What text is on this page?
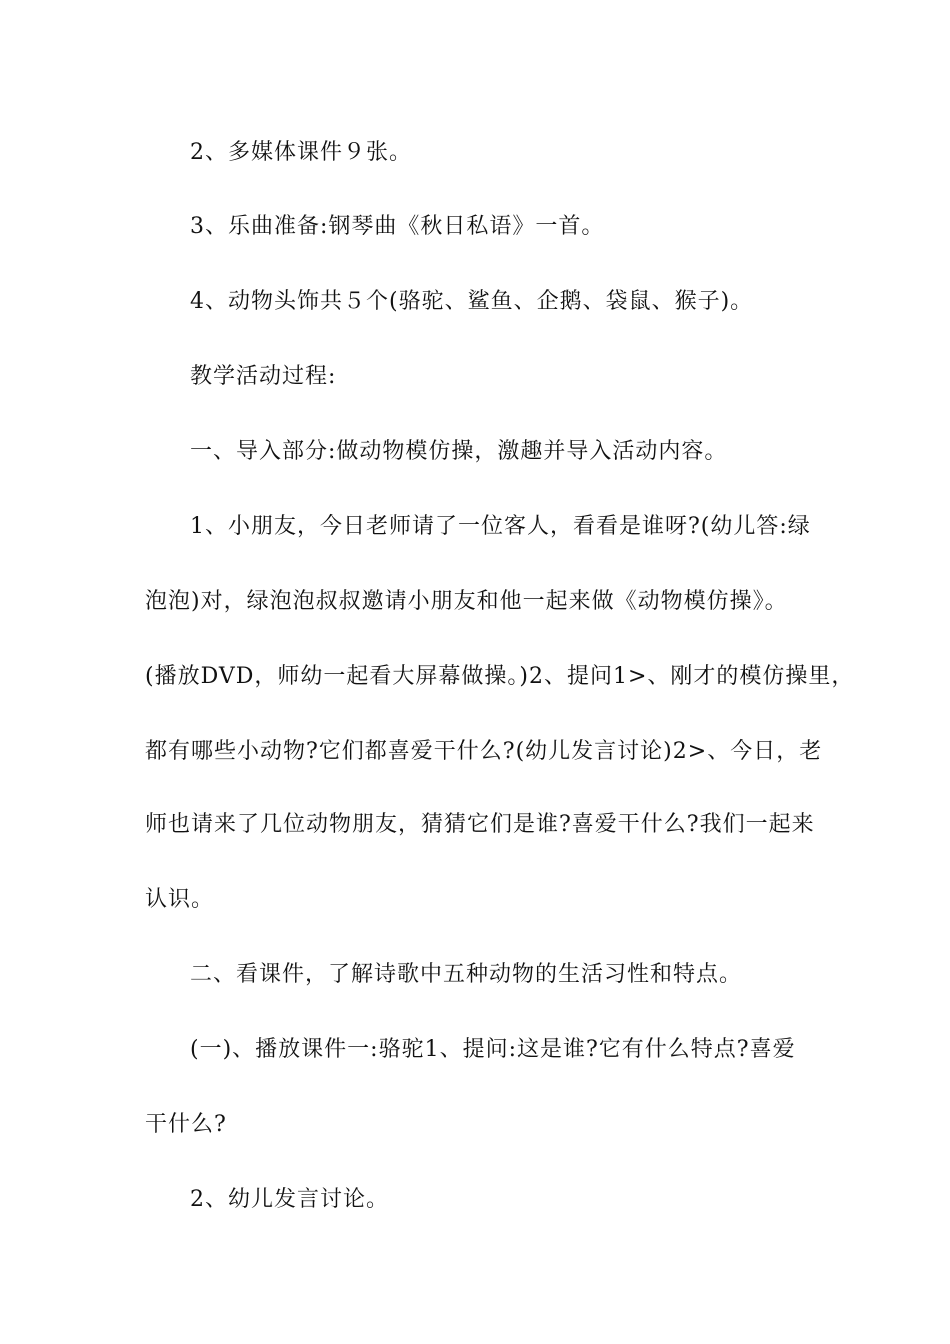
2、多媒体课件９张。
3、乐曲准备:钢琴曲《秋日私语》一首。
4、动物头饰共５个(骆驼、鲨鱼、企鹅、袋鼠、猴子)。
教学活动过程:
一、导入部分:做动物模仿操，激趣并导入活动内容。
1、小朋友，今日老师请了一位客人，看看是谁呀?(幼儿答:绿
泡泡)对，绿泡泡叔叔邀请小朋友和他一起来做《动物模仿操》。
(播放DVD，师幼一起看大屏幕做操。)2、提问1>、刚才的模仿操里，
都有哪些小动物?它们都喜爱干什么?(幼儿发言讨论)2>、今日，老
师也请来了几位动物朋友，猜猜它们是谁?喜爱干什么?我们一起来
认识。
二、看课件，了解诗歌中五种动物的生活习性和特点。
(一)、播放课件一:骆驼1、提问:这是谁?它有什么特点?喜爱
干什么?
2、幼儿发言讨论。
